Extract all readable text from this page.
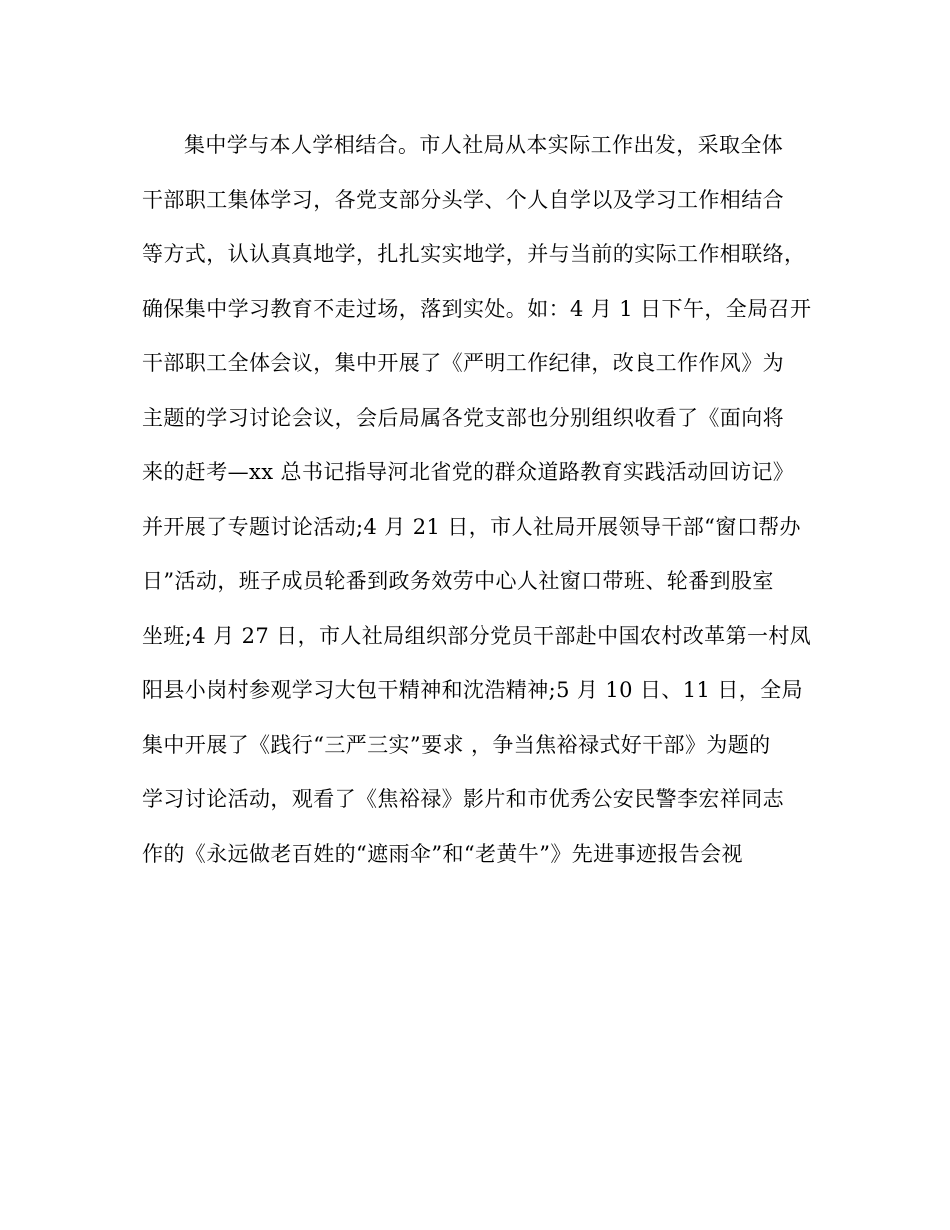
集中学与本人学相结合。市人社局从本实际工作出发，采取全体
干部职工集体学习，各党支部分头学、个人自学以及学习工作相结合
等方式，认认真真地学，扎扎实实地学，并与当前的实际工作相联络，
确保集中学习教育不走过场，落到实处。如：4 月 1 日下午，全局召开
干部职工全体会议，集中开展了《严明工作纪律，改良工作作风》为
主题的学习讨论会议，会后局属各党支部也分别组织收看了《面向将
来的赶考—xx 总书记指导河北省党的群众道路教育实践活动回访记》
并开展了专题讨论活动;4 月 21 日，市人社局开展领导干部“窗口帮办
日”活动，班子成员轮番到政务效劳中心人社窗口带班、轮番到股室
坐班;4 月 27 日，市人社局组织部分党员干部赴中国农村改革第一村凤
阳县小岗村参观学习大包干精神和沈浩精神;5 月 10 日、11 日，全局
集中开展了《践行“三严三实”要求 ，争当焦裕禄式好干部》为题的
学习讨论活动，观看了《焦裕禄》影片和市优秀公安民警李宏祥同志
作的《永远做老百姓的“遮雨伞”和“老黄牛”》先进事迹报告会视
